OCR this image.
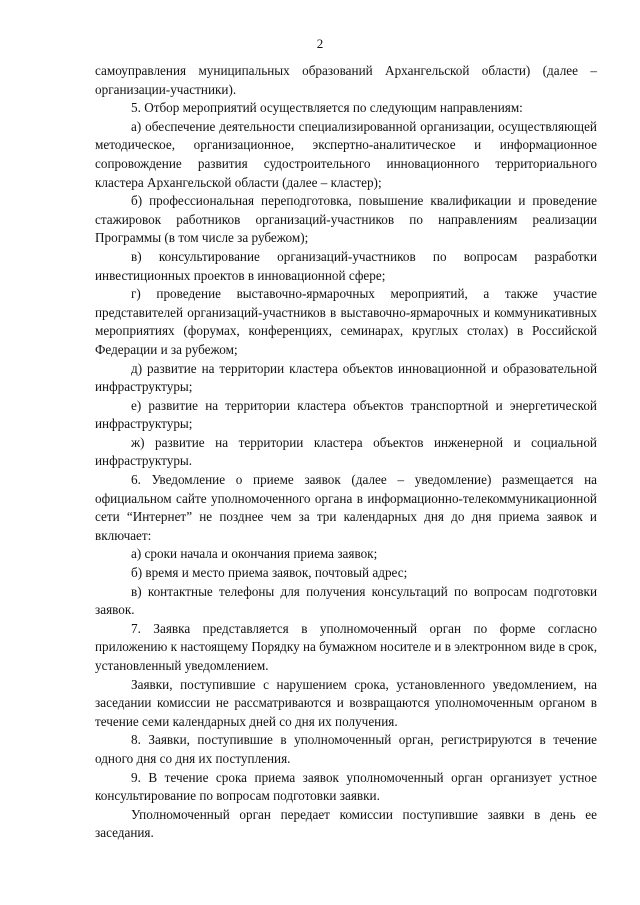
2

самоуправления муниципальных образований Архангельской области) (далее – организации-участники).

5. Отбор мероприятий осуществляется по следующим направлениям:

а) обеспечение деятельности специализированной организации, осуществляющей методическое, организационное, экспертно-аналитическое и информационное сопровождение развития судостроительного инновационного территориального кластера Архангельской области (далее – кластер);

б) профессиональная переподготовка, повышение квалификации и проведение стажировок работников организаций-участников по направлениям реализации Программы (в том числе за рубежом);

в) консультирование организаций-участников по вопросам разработки инвестиционных проектов в инновационной сфере;

г) проведение выставочно-ярмарочных мероприятий, а также участие представителей организаций-участников в выставочно-ярмарочных и коммуникативных мероприятиях (форумах, конференциях, семинарах, круглых столах) в Российской Федерации и за рубежом;

д) развитие на территории кластера объектов инновационной и образовательной инфраструктуры;

е) развитие на территории кластера объектов транспортной и энергетической инфраструктуры;

ж) развитие на территории кластера объектов инженерной и социальной инфраструктуры.

6. Уведомление о приеме заявок (далее – уведомление) размещается на официальном сайте уполномоченного органа в информационно-телекоммуникационной сети “Интернет” не позднее чем за три календарных дня до дня приема заявок и включает:

а) сроки начала и окончания приема заявок;

б) время и место приема заявок, почтовый адрес;

в) контактные телефоны для получения консультаций по вопросам подготовки заявок.

7. Заявка представляется в уполномоченный орган по форме согласно приложению к настоящему Порядку на бумажном носителе и в электронном виде в срок, установленный уведомлением.

Заявки, поступившие с нарушением срока, установленного уведомлением, на заседании комиссии не рассматриваются и возвращаются уполномоченным органом в течение семи календарных дней со дня их получения.

8. Заявки, поступившие в уполномоченный орган, регистрируются в течение одного дня со дня их поступления.

9. В течение срока приема заявок уполномоченный орган организует устное консультирование по вопросам подготовки заявки.

Уполномоченный орган передает комиссии поступившие заявки в день ее заседания.
